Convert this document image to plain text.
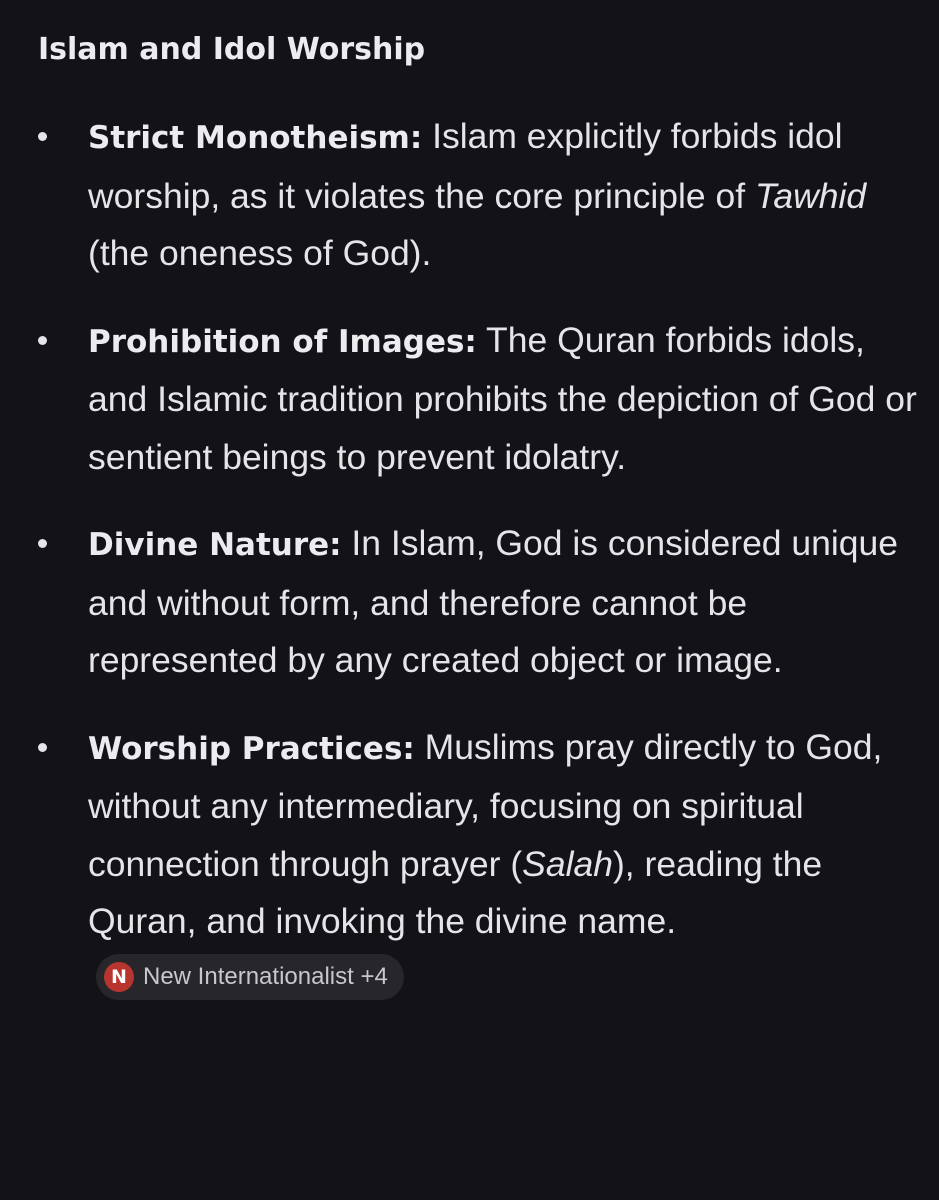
Islam and Idol Worship
Strict Monotheism: Islam explicitly forbids idol worship, as it violates the core principle of Tawhid (the oneness of God).
Prohibition of Images: The Quran forbids idols, and Islamic tradition prohibits the depiction of God or sentient beings to prevent idolatry.
Divine Nature: In Islam, God is considered unique and without form, and therefore cannot be represented by any created object or image.
Worship Practices: Muslims pray directly to God, without any intermediary, focusing on spiritual connection through prayer (Salah), reading the Quran, and invoking the divine name.
N New Internationalist +4
